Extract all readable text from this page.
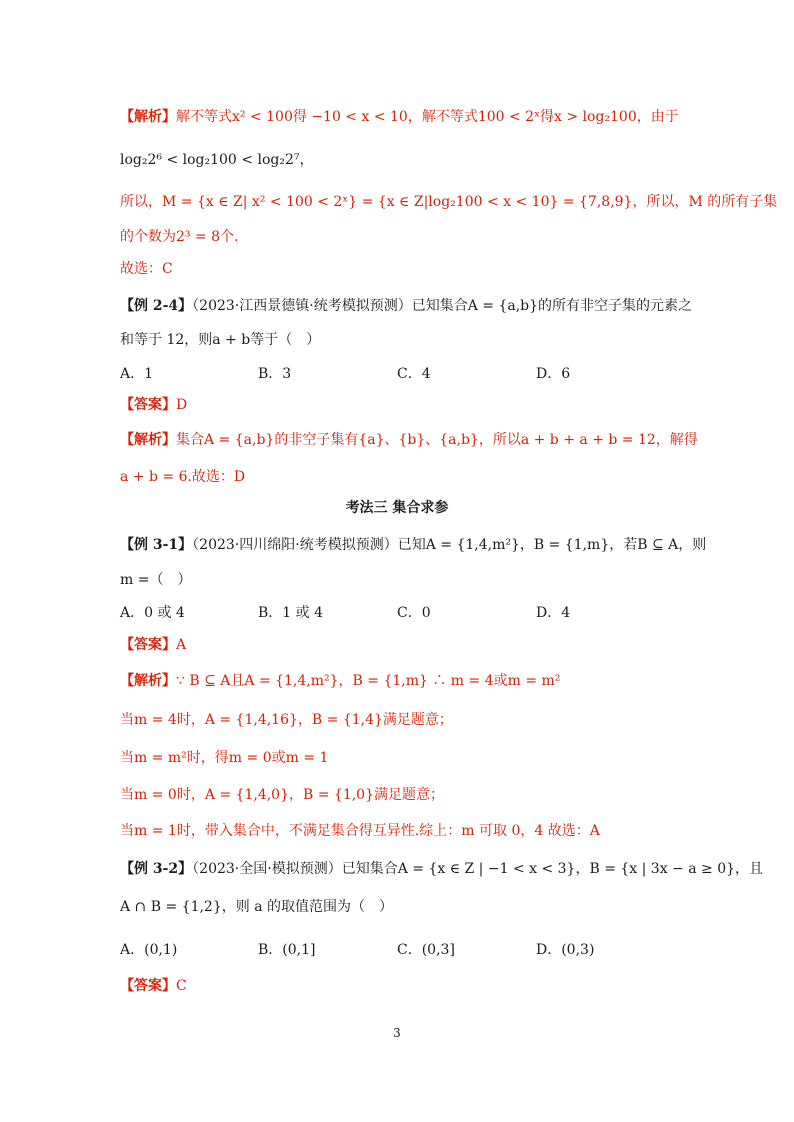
【解析】解不等式x² < 100得 −10 < x < 10，解不等式100 < 2ˣ得x > log₂100，由于
log₂2⁶ < log₂100 < log₂2⁷，
所以，M = {x ∈ Z| x² < 100 < 2ˣ} = {x ∈ Z|log₂100 < x < 10} = {7,8,9}，所以，M 的所有子集
的个数为2³ = 8个.
故选：C
【例 2-4】（2023·江西景德镇·统考模拟预测）已知集合A = {a,b}的所有非空子集的元素之
和等于 12，则a + b等于（　）
A．1	B．3	C．4	D．6
【答案】D
【解析】集合A = {a,b}的非空子集有{a}、{b}、{a,b}，所以a + b + a + b = 12，解得
a + b = 6.故选：D
考法三 集合求参
【例 3-1】（2023·四川绵阳·统考模拟预测）已知A = {1,4,m²}，B = {1,m}，若B ⊆ A，则
m =（　）
A．0 或 4	B．1 或 4	C．0	D．4
【答案】A
【解析】∵ B ⊆ A且A = {1,4,m²}，B = {1,m} ∴ m = 4或m = m²
当m = 4时，A = {1,4,16}，B = {1,4}满足题意；
当m = m²时，得m = 0或m = 1
当m = 0时，A = {1,4,0}，B = {1,0}满足题意；
当m = 1时，带入集合中，不满足集合得互异性.综上：m 可取 0，4 故选：A
【例 3-2】（2023·全国·模拟预测）已知集合A = {x ∈ Z | −1 < x < 3}，B = {x | 3x − a ≥ 0}，且
A ∩ B = {1,2}，则 a 的取值范围为（　）
A．(0,1)	B．(0,1]	C．(0,3]	D．(0,3)
【答案】C
3
